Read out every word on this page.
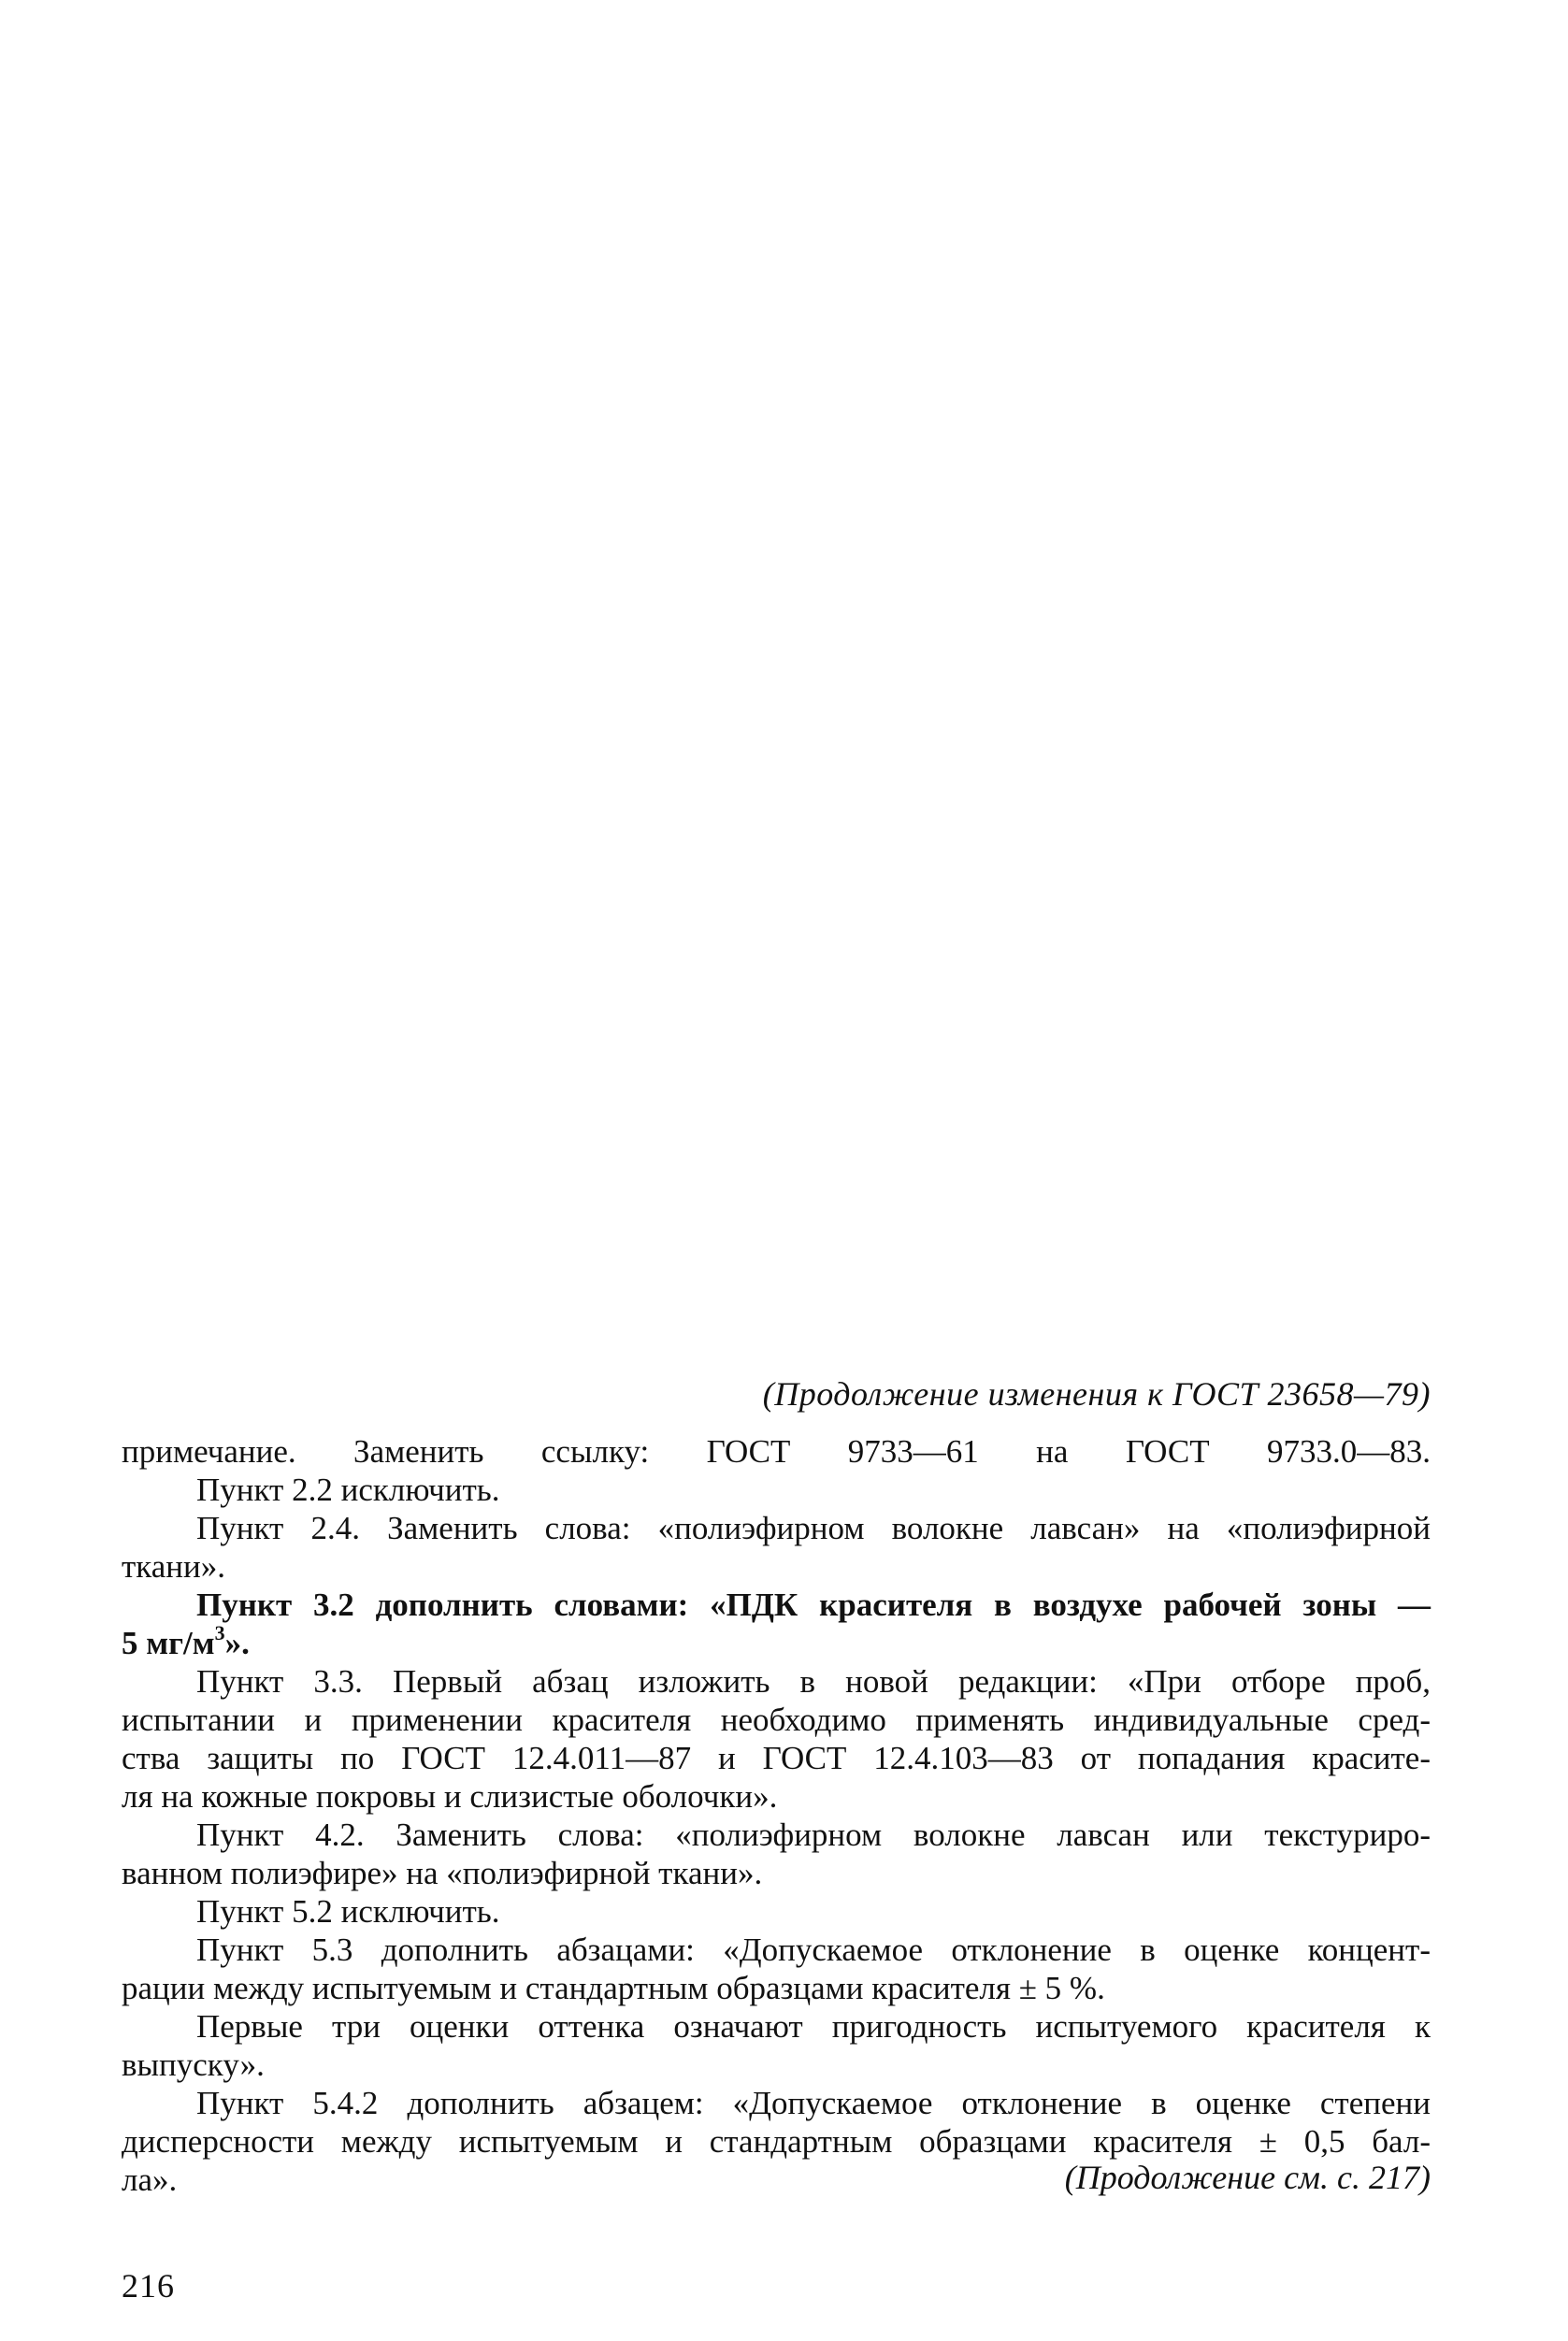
(Продолжение изменения к ГОСТ 23658—79)
примечание. Заменить ссылку: ГОСТ 9733—61 на ГОСТ 9733.0—83.
Пункт 2.2 исключить.
Пункт 2.4. Заменить слова: «полиэфирном волокне лавсан» на «полиэфирной
ткани».
Пункт 3.2 дополнить словами: «ПДК красителя в воздухе рабочей зоны —
5 $мг/м^3$».
Пункт 3.3. Первый абзац изложить в новой редакции: «При отборе проб,
испытании и применении красителя необходимо применять индивидуальные сред-
ства защиты по ГОСТ 12.4.011—87 и ГОСТ 12.4.103—83 от попадания красите-
ля на кожные покровы и слизистые оболочки».
Пункт 4.2. Заменить слова: «полиэфирном волокне лавсан или текстуриро-
ванном полиэфире» на «полиэфирной ткани».
Пункт 5.2 исключить.
Пункт 5.3 дополнить абзацами: «Допускаемое отклонение в оценке концент-
рации между испытуемым и стандартным образцами красителя ± 5 %.
Первые три оценки оттенка означают пригодность испытуемого красителя к
выпуску».
Пункт 5.4.2 дополнить абзацем: «Допускаемое отклонение в оценке степени
дисперсности между испытуемым и стандартным образцами красителя ± 0,5 бал-
ла».	(Продолжение см. с. 217)
216
